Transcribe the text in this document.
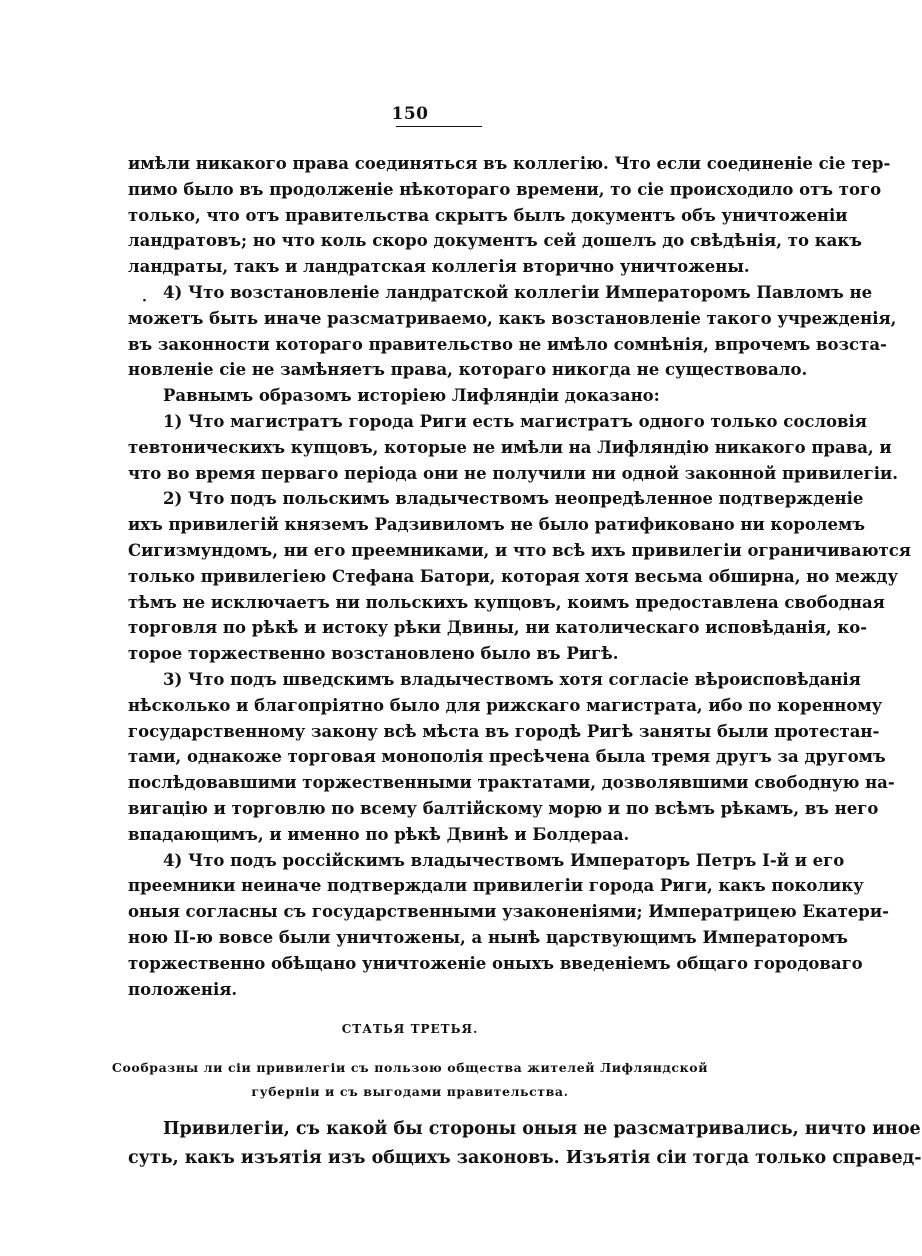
150
·
имѣли никакого права соединяться въ коллегію. Что если соединеніе сіе тер-
пимо было въ продолженіе нѣкотораго времени, то сіе происходило отъ того
только, что отъ правительства скрытъ былъ документъ объ уничтоженіи
ландратовъ; но что коль скоро документъ сей дошелъ до свѣдѣнія, то какъ
ландраты, такъ и ландратская коллегія вторично уничтожены.
4) Что возстановленіе ландратской коллегіи Императоромъ Павломъ не
можетъ быть иначе разсматриваемо, какъ возстановленіе такого учрежденія,
въ законности котораго правительство не имѣло сомнѣнія, впрочемъ возста-
новленіе сіе не замѣняетъ права, котораго никогда не существовало.
Равнымъ образомъ исторіею Лифляндіи доказано:
1) Что магистратъ города Риги есть магистратъ одного только сословія
тевтоническихъ купцовъ, которые не имѣли на Лифляндію никакого права, и
что во время перваго періода они не получили ни одной законной привилегіи.
2) Что подъ польскимъ владычествомъ неопредѣленное подтвержденіе
ихъ привилегій княземъ Радзивиломъ не было ратификовано ни королемъ
Сигизмундомъ, ни его преемниками, и что всѣ ихъ привилегіи ограничиваются
только привилегіею Стефана Батори, которая хотя весьма обширна, но между
тѣмъ не исключаетъ ни польскихъ купцовъ, коимъ предоставлена свободная
торговля по рѣкѣ и истоку рѣки Двины, ни католическаго исповѣданія, ко-
торое торжественно возстановлено было въ Ригѣ.
3) Что подъ шведскимъ владычествомъ хотя согласіе вѣроисповѣданія
нѣсколько и благопріятно было для рижскаго магистрата, ибо по коренному
государственному закону всѣ мѣста въ городѣ Ригѣ заняты были протестан-
тами, однакоже торговая монополія пресѣчена была тремя другъ за другомъ
послѣдовавшими торжественными трактатами, дозволявшими свободную на-
вигацію и торговлю по всему балтійскому морю и по всѣмъ рѣкамъ, въ него
впадающимъ, и именно по рѣкѣ Двинѣ и Болдераа.
4) Что подъ россійскимъ владычествомъ Императоръ Петръ I-й и его
преемники неиначе подтверждали привилегіи города Риги, какъ поколику
оныя согласны съ государственными узаконеніями; Императрицею Екатери-
ною II-ю вовсе были уничтожены, а нынѣ царствующимъ Императоромъ
торжественно обѣщано уничтоженіе оныхъ введеніемъ общаго городоваго
положенія.
СТАТЬЯ ТРЕТЬЯ.
Сообразны ли сіи привилегіи съ пользою общества жителей Лифляндской
губерніи и съ выгодами правительства.
Привилегіи, съ какой бы стороны оныя не разсматривались, ничто иное
суть, какъ изъятія изъ общихъ законовъ. Изъятія сіи тогда только справед-
